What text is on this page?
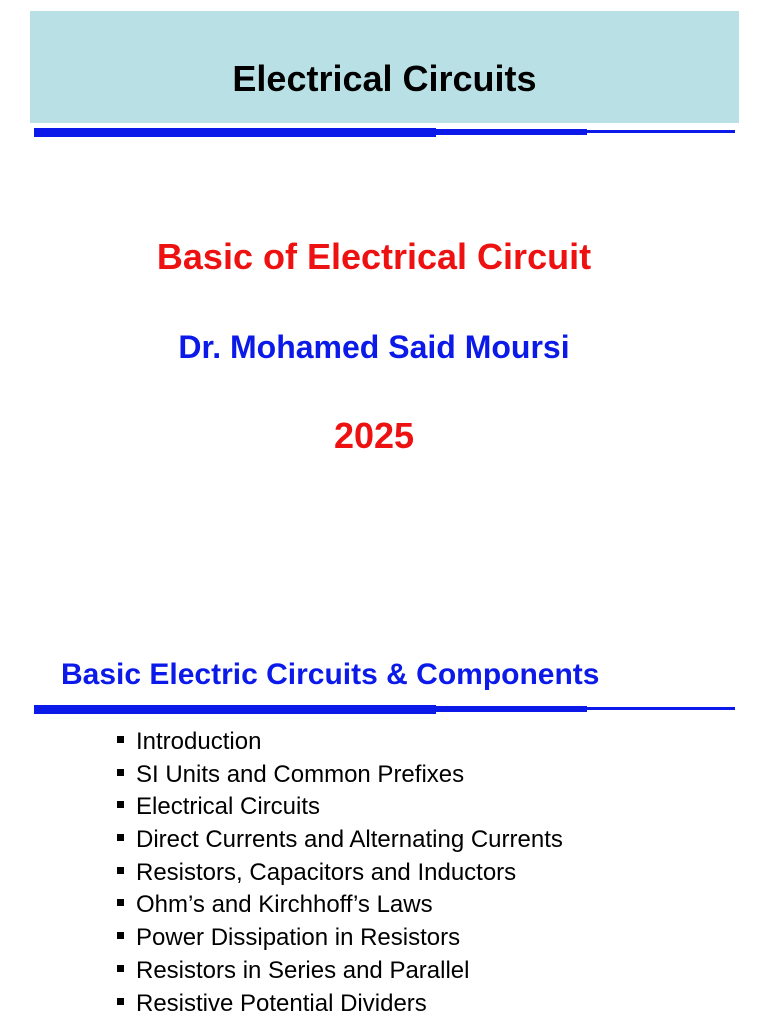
Electrical Circuits
Basic of Electrical Circuit
Dr. Mohamed Said Moursi
2025
Basic Electric Circuits & Components
Introduction
SI Units and Common Prefixes
Electrical Circuits
Direct Currents and Alternating Currents
Resistors, Capacitors and Inductors
Ohm’s and Kirchhoff’s Laws
Power Dissipation in Resistors
Resistors in Series and Parallel
Resistive Potential Dividers
